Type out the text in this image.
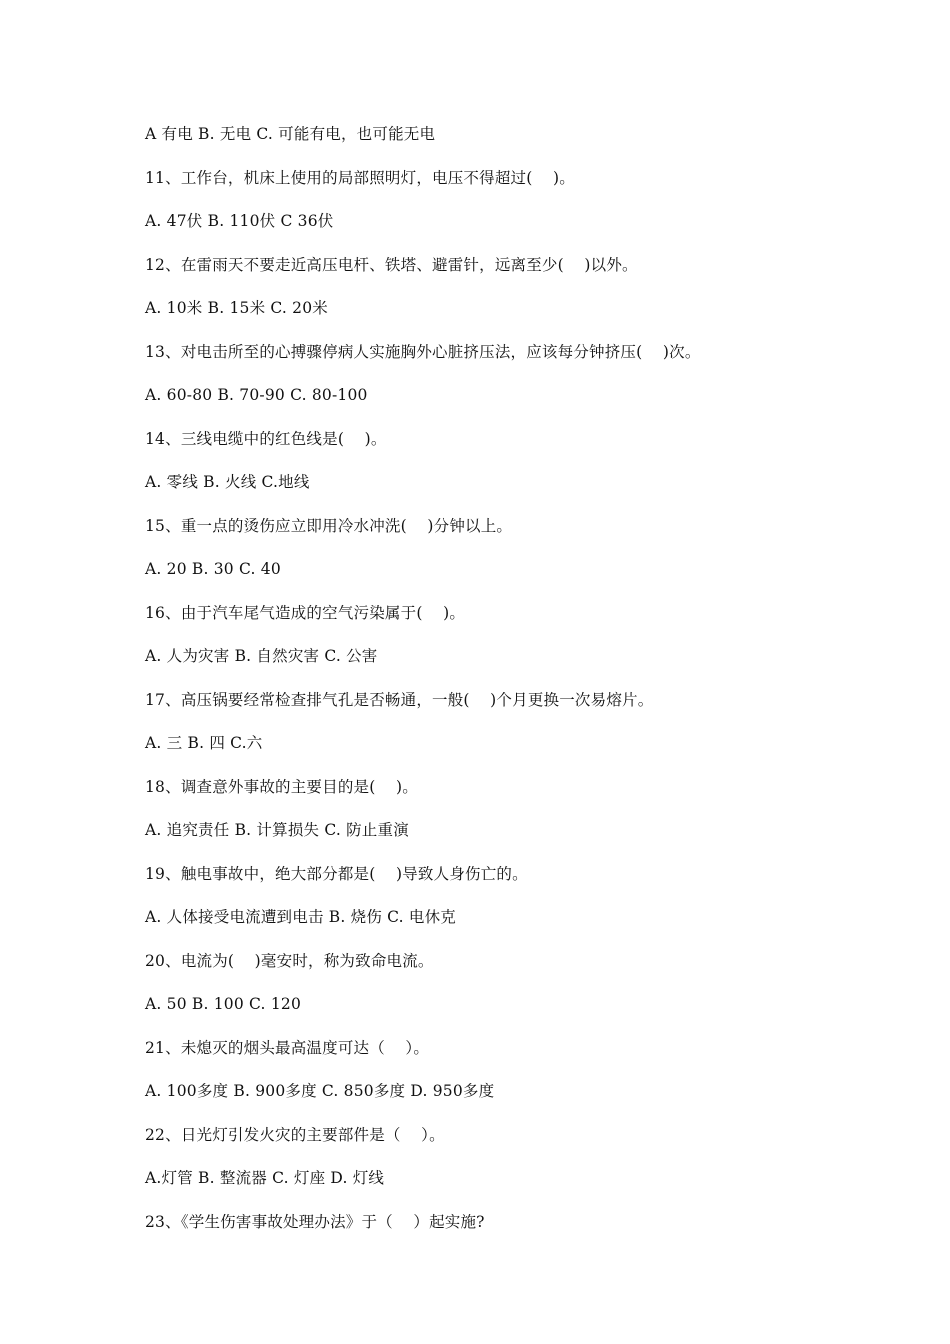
A 有电 B. 无电 C. 可能有电，也可能无电
11、工作台，机床上使用的局部照明灯，电压不得超过(    )。
A. 47伏 B. 110伏 C 36伏
12、在雷雨天不要走近高压电杆、铁塔、避雷针，远离至少(    )以外。
A. 10米 B. 15米 C. 20米
13、对电击所至的心搏骤停病人实施胸外心脏挤压法，应该每分钟挤压(    )次。
A. 60-80 B. 70-90 C. 80-100
14、三线电缆中的红色线是(    )。
A. 零线 B. 火线 C.地线
15、重一点的烫伤应立即用冷水冲洗(    )分钟以上。
A. 20 B. 30 C. 40
16、由于汽车尾气造成的空气污染属于(    )。
A. 人为灾害 B. 自然灾害 C. 公害
17、高压锅要经常检查排气孔是否畅通，一般(    )个月更换一次易熔片。
A. 三 B. 四 C.六
18、调查意外事故的主要目的是(    )。
A. 追究责任 B. 计算损失 C. 防止重演
19、触电事故中，绝大部分都是(    )导致人身伤亡的。
A. 人体接受电流遭到电击 B. 烧伤 C. 电休克
20、电流为(    )毫安时，称为致命电流。
A. 50 B. 100 C. 120
21、未熄灭的烟头最高温度可达（    ）。
A. 100多度 B. 900多度 C. 850多度 D. 950多度
22、日光灯引发火灾的主要部件是（    ）。
A.灯管 B. 整流器 C. 灯座 D. 灯线
23、《学生伤害事故处理办法》于（    ）起实施?
